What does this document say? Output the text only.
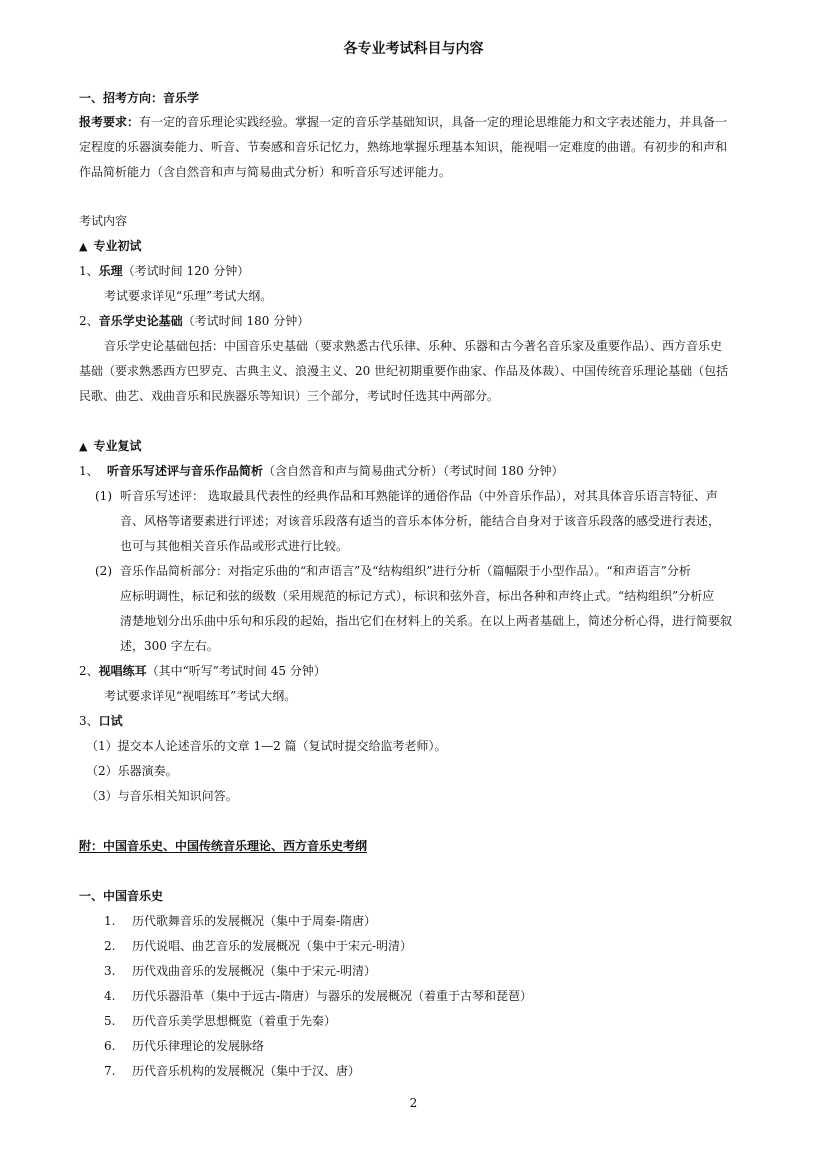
各专业考试科目与内容
一、招考方向：音乐学
报考要求：有一定的音乐理论实践经验。掌握一定的音乐学基础知识，具备一定的理论思维能力和文字表述能力，并具备一
定程度的乐器演奏能力、听音、节奏感和音乐记忆力，熟练地掌握乐理基本知识，能视唱一定难度的曲谱。有初步的和声和
作品简析能力（含自然音和声与简易曲式分析）和听音乐写述评能力。
考试内容
▲ 专业初试
1、乐理（考试时间 120 分钟）
考试要求详见“乐理”考试大纲。
2、音乐学史论基础（考试时间 180 分钟）
音乐学史论基础包括：中国音乐史基础（要求熟悉古代乐律、乐种、乐器和古今著名音乐家及重要作品）、西方音乐史
基础（要求熟悉西方巴罗克、古典主义、浪漫主义、20 世纪初期重要作曲家、作品及体裁）、中国传统音乐理论基础（包括
民歌、曲艺、戏曲音乐和民族器乐等知识）三个部分，考试时任选其中两部分。
▲ 专业复试
1、 听音乐写述评与音乐作品简析（含自然音和声与简易曲式分析）（考试时间 180 分钟）
(1) 听音乐写述评： 选取最具代表性的经典作品和耳熟能详的通俗作品（中外音乐作品），对其具体音乐语言特征、声
音、风格等诸要素进行评述；对该音乐段落有适当的音乐本体分析，能结合自身对于该音乐段落的感受进行表述，
也可与其他相关音乐作品或形式进行比较。
(2) 音乐作品简析部分：对指定乐曲的“和声语言”及“结构组织”进行分析（篇幅限于小型作品）。“和声语言”分析
应标明调性，标记和弦的级数（采用规范的标记方式），标识和弦外音，标出各种和声终止式。“结构组织”分析应
清楚地划分出乐曲中乐句和乐段的起始，指出它们在材料上的关系。在以上两者基础上，简述分析心得，进行简要叙
述，300 字左右。
2、视唱练耳（其中“听写”考试时间 45 分钟）
考试要求详见“视唱练耳”考试大纲。
3、口试
（1）提交本人论述音乐的文章 1—2 篇（复试时提交给监考老师）。
（2）乐器演奏。
（3）与音乐相关知识问答。
附：中国音乐史、中国传统音乐理论、西方音乐史考纲
一、中国音乐史
1.	历代歌舞音乐的发展概况（集中于周秦-隋唐）
2.	历代说唱、曲艺音乐的发展概况（集中于宋元-明清）
3.	历代戏曲音乐的发展概况（集中于宋元-明清）
4.	历代乐器沿革（集中于远古-隋唐）与器乐的发展概况（着重于古琴和琵琶）
5.	历代音乐美学思想概览（着重于先秦）
6.	历代乐律理论的发展脉络
7.	历代音乐机构的发展概况（集中于汉、唐）
2
